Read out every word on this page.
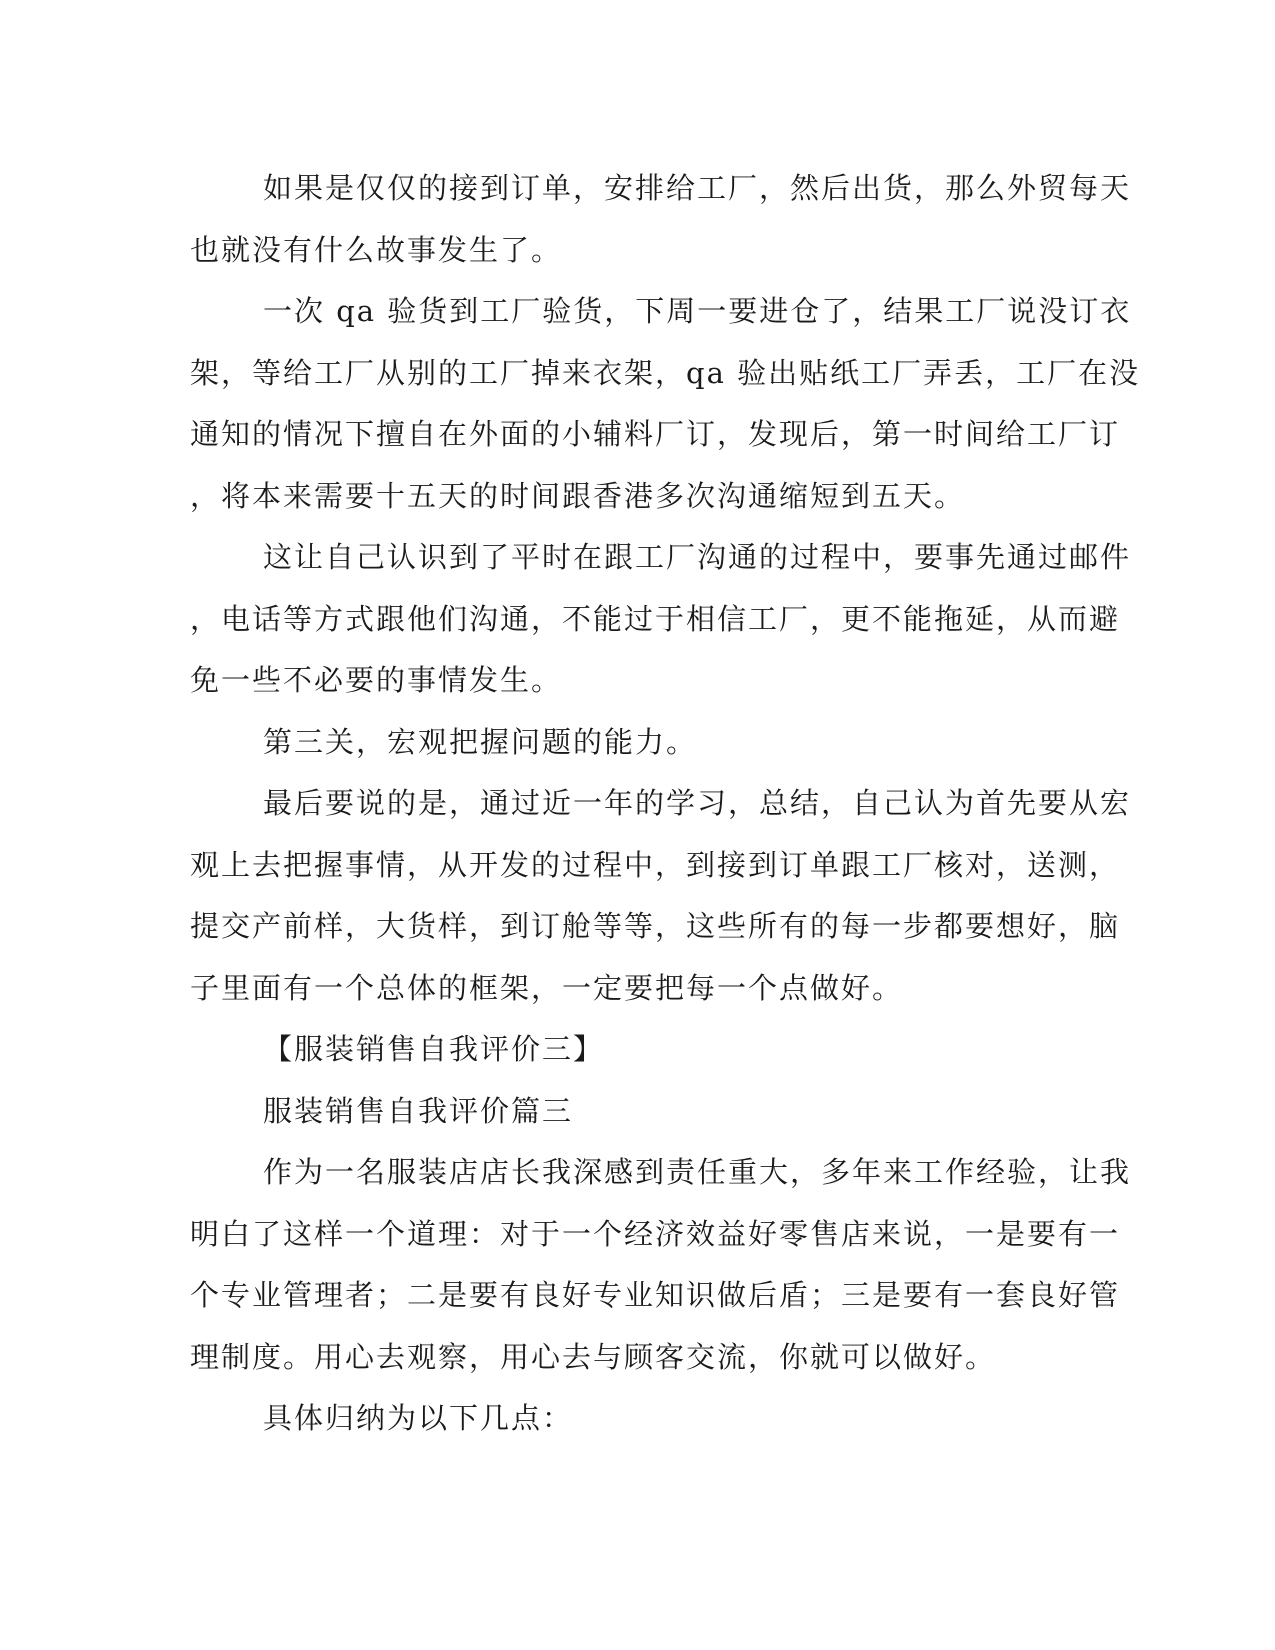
如果是仅仅的接到订单，安排给工厂，然后出货，那么外贸每天
也就没有什么故事发生了。
一次 qa 验货到工厂验货，下周一要进仓了，结果工厂说没订衣
架，等给工厂从别的工厂掉来衣架，qa 验出贴纸工厂弄丢，工厂在没
通知的情况下擅自在外面的小辅料厂订，发现后，第一时间给工厂订
，将本来需要十五天的时间跟香港多次沟通缩短到五天。
这让自己认识到了平时在跟工厂沟通的过程中，要事先通过邮件
，电话等方式跟他们沟通，不能过于相信工厂，更不能拖延，从而避
免一些不必要的事情发生。
第三关，宏观把握问题的能力。
最后要说的是，通过近一年的学习，总结，自己认为首先要从宏
观上去把握事情，从开发的过程中，到接到订单跟工厂核对，送测，
提交产前样，大货样，到订舱等等，这些所有的每一步都要想好，脑
子里面有一个总体的框架，一定要把每一个点做好。
【服装销售自我评价三】
服装销售自我评价篇三
作为一名服装店店长我深感到责任重大，多年来工作经验，让我
明白了这样一个道理：对于一个经济效益好零售店来说，一是要有一
个专业管理者；二是要有良好专业知识做后盾；三是要有一套良好管
理制度。用心去观察，用心去与顾客交流，你就可以做好。
具体归纳为以下几点：
